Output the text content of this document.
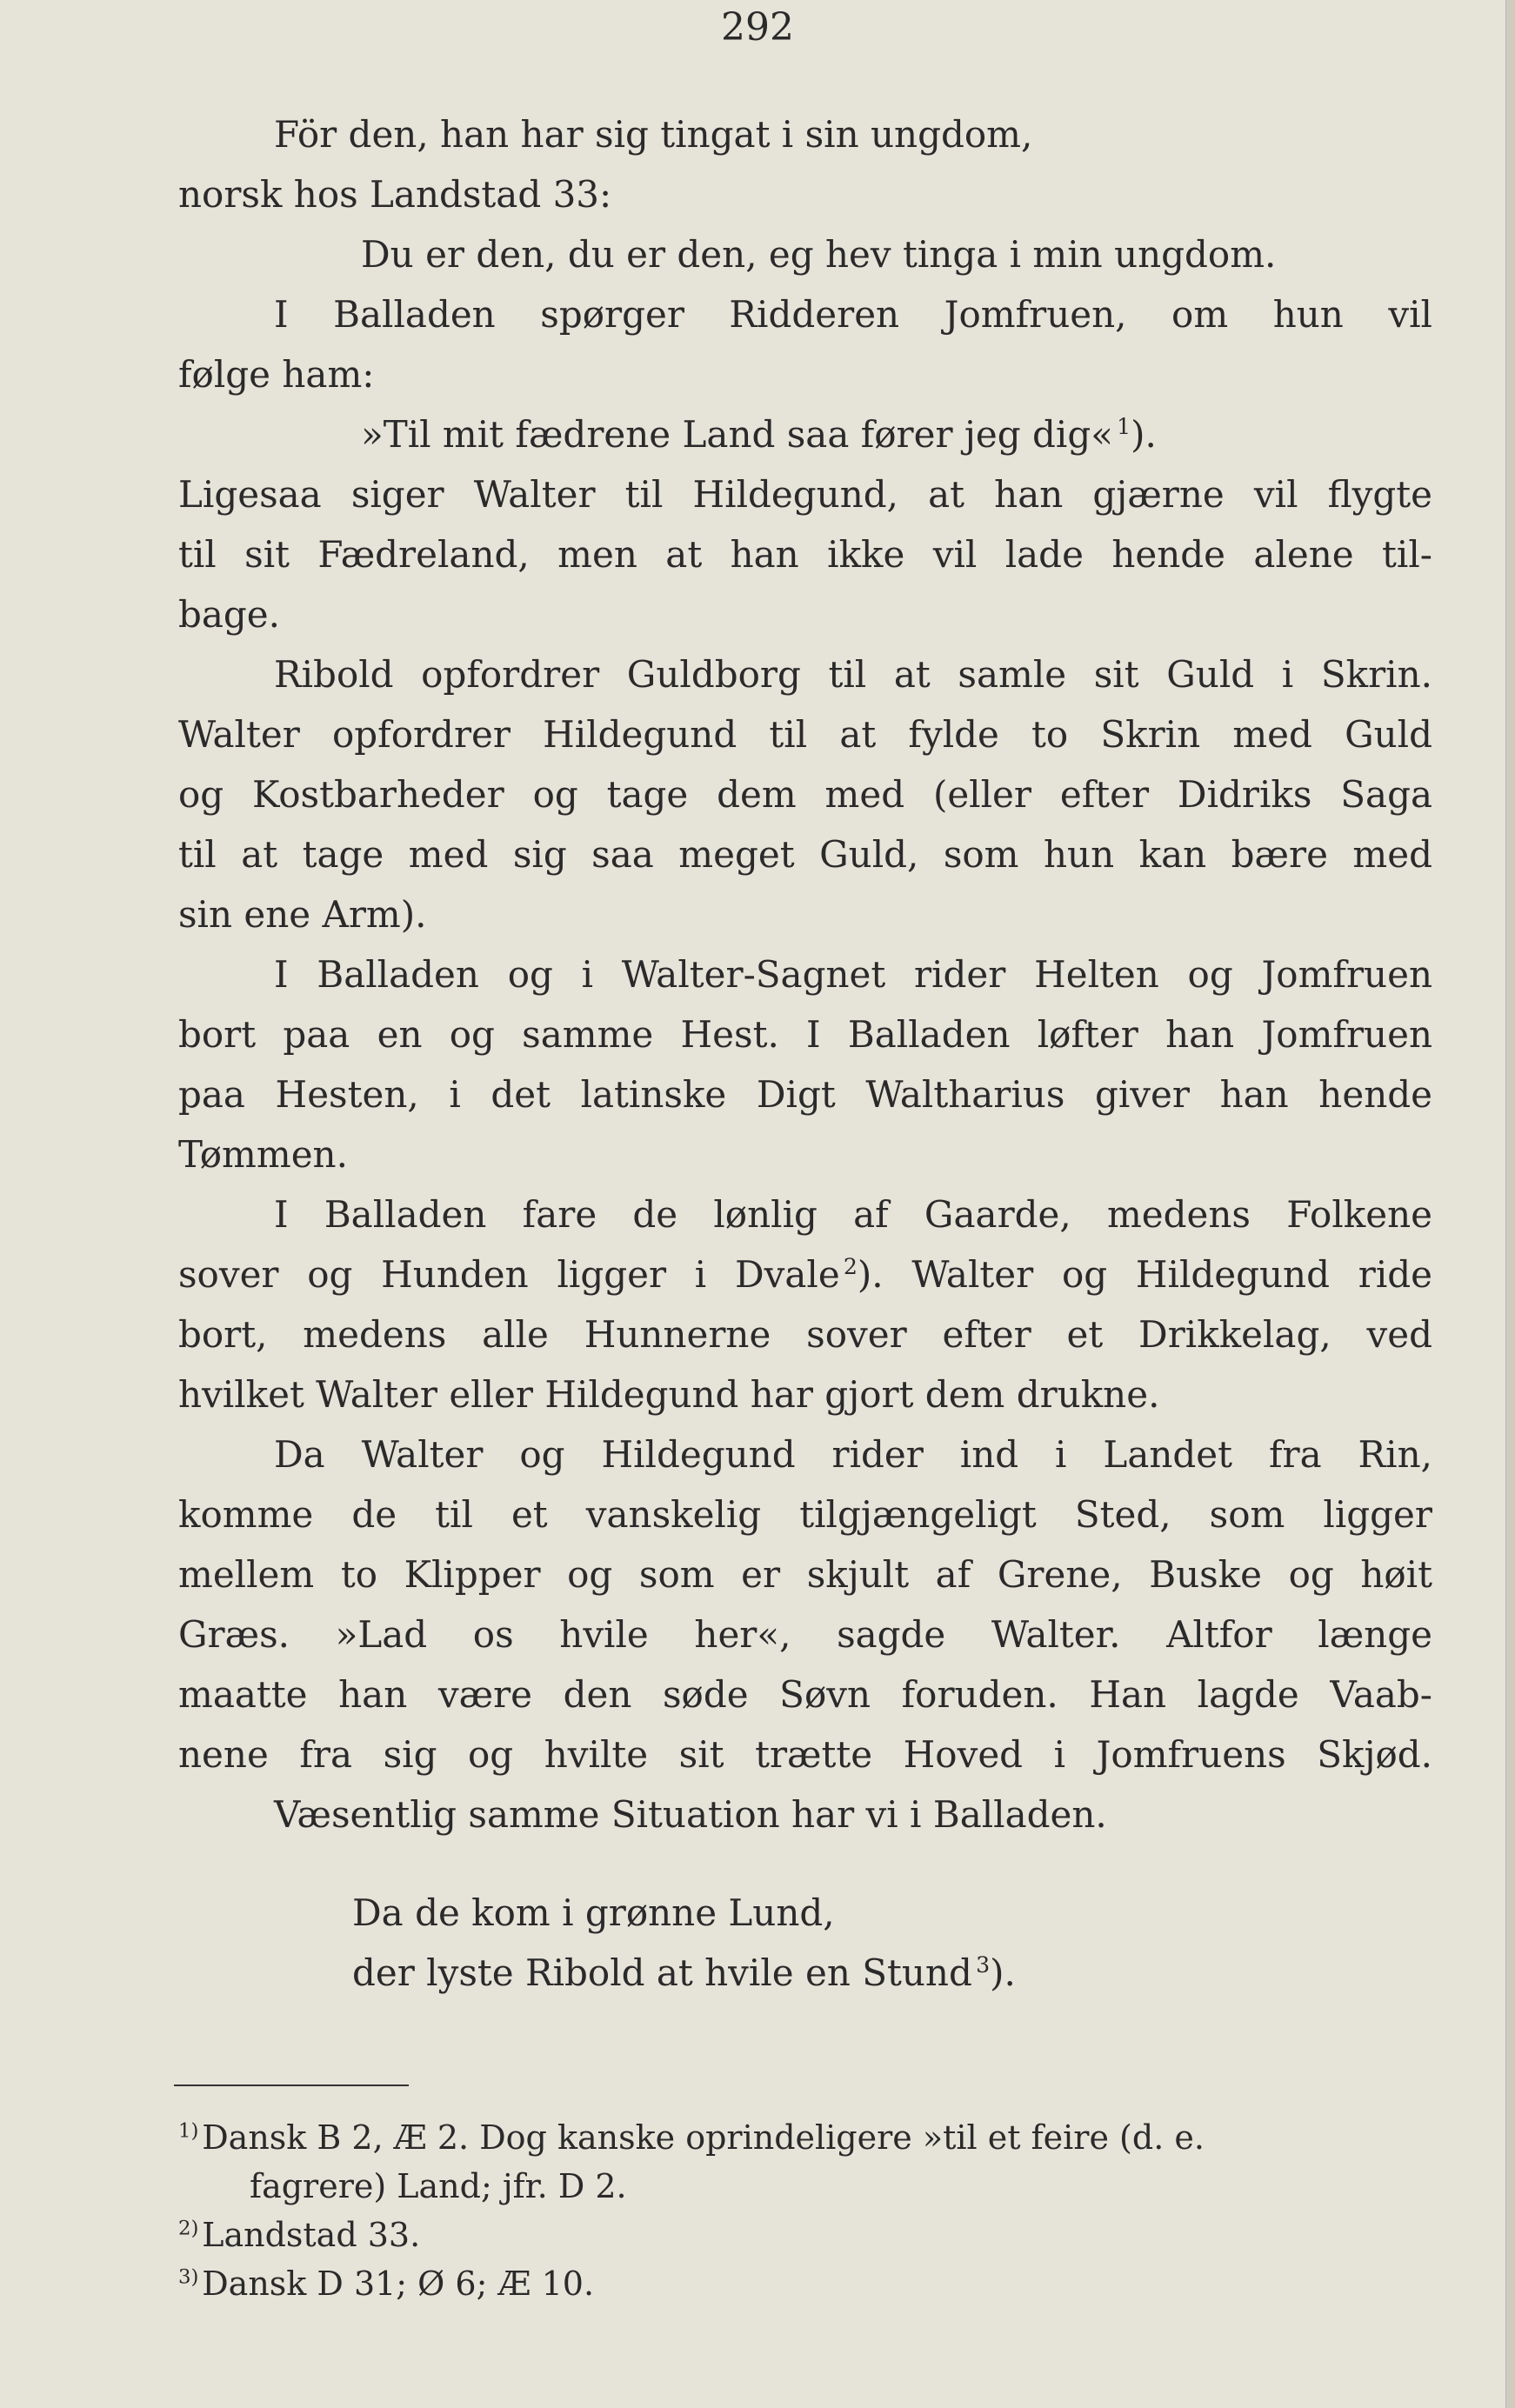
292
För den, han har sig tingat i sin ungdom,
norsk hos Landstad 33:
Du er den, du er den, eg hev tinga i min ungdom.
I Balladen spørger Ridderen Jomfruen, om hun vil
følge ham:
»Til mit fædrene Land saa fører jeg dig«  $^1$).
Ligesaa siger Walter til Hildegund, at han gjærne vil flygte
til sit Fædreland, men at han ikke vil lade hende alene til-
bage.
Ribold opfordrer Guldborg til at samle sit Guld i Skrin.
Walter opfordrer Hildegund til at fylde to Skrin med Guld
og Kostbarheder og tage dem med (eller efter Didriks Saga
til at tage med sig saa meget Guld, som hun kan bære med
sin ene Arm).
I Balladen og i Walter-Sagnet rider Helten og Jomfruen
bort paa en og samme Hest. I Balladen løfter han Jomfruen
paa Hesten, i det latinske Digt Waltharius giver han hende
Tømmen.
I Balladen fare de lønlig af Gaarde, medens Folkene
sover og Hunden ligger i Dvale  $^2$). Walter og Hildegund ride
bort, medens alle Hunnerne sover efter et Drikkelag, ved
hvilket Walter eller Hildegund har gjort dem drukne.
Da Walter og Hildegund rider ind i Landet fra Rin,
komme de til et vanskelig tilgjængeligt Sted, som ligger
mellem to Klipper og som er skjult af Grene, Buske og høit
Græs. »Lad os hvile her«, sagde Walter. Altfor længe
maatte han være den søde Søvn foruden. Han lagde Vaab-
nene fra sig og hvilte sit trætte Hoved i Jomfruens Skjød.
Væsentlig samme Situation har vi i Balladen.
Da de kom i grønne Lund,
der lyste Ribold at hvile en Stund  $^3$).
$^{1)}$ Dansk B 2, Æ 2. Dog kanske oprindeligere »til et feire (d. e.
fagrere) Land; jfr. D 2.
$^{2)}$ Landstad 33.
$^{3)}$ Dansk D 31; Ø 6; Æ 10.
